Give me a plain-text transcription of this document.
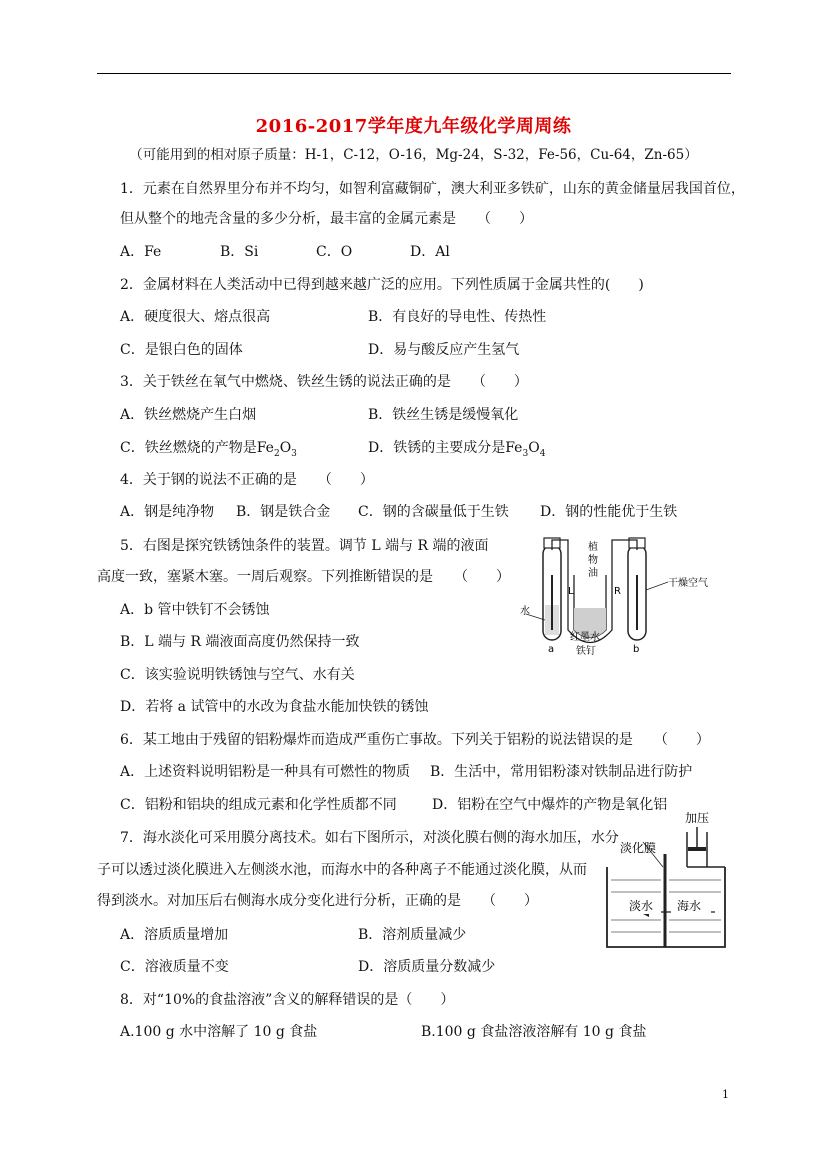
2016-2017学年度九年级化学周周练
（可能用到的相对原子质量：H-1，C-12，O-16，Mg-24，S-32，Fe-56，Cu-64，Zn-65）
1．元素在自然界里分布并不均匀，如智利富藏铜矿，澳大利亚多铁矿，山东的黄金储量居我国首位，
但从整个的地壳含量的多少分析，最丰富的金属元素是　　（　　）
A．Fe	B．Si	C．O	D．Al
2．金属材料在人类活动中已得到越来越广泛的应用。下列性质属于金属共性的(　　)
A．硬度很大、熔点很高	B．有良好的导电性、传热性
C．是银白色的固体	D．易与酸反应产生氢气
3．关于铁丝在氧气中燃烧、铁丝生锈的说法正确的是　　（　　）
A．铁丝燃烧产生白烟	B．铁丝生锈是缓慢氧化
C．铁丝燃烧的产物是$Fe_2O_3$	D．铁锈的主要成分是$Fe_3O_4$
4．关于钢的说法不正确的是　　（　　）
A．钢是纯净物 B．钢是铁合金 C．钢的含碳量低于生铁 D．钢的性能优于生铁
5．右图是探究铁锈蚀条件的装置。调节 L 端与 R 端的液面
高度一致，塞紧木塞。一周后观察。下列推断错误的是　　（　　）
A．b 管中铁钉不会锈蚀
B．L 端与 R 端液面高度仍然保持一致
C．该实验说明铁锈蚀与空气、水有关
D．若将 a 试管中的水改为食盐水能加快铁的锈蚀
植
物
油
L	R
干燥空气
水
红墨水
铁钉
a	b
6．某工地由于残留的铝粉爆炸而造成严重伤亡事故。下列关于铝粉的说法错误的是　　（　　）
A．上述资料说明铝粉是一种具有可燃性的物质 B．生活中，常用铝粉漆对铁制品进行防护
C．铝粉和铝块的组成元素和化学性质都不同	D．铝粉在空气中爆炸的产物是氧化铝
7．海水淡化可采用膜分离技术。如右下图所示，对淡化膜右侧的海水加压，水分
子可以透过淡化膜进入左侧淡水池，而海水中的各种离子不能通过淡化膜，从而
得到淡水。对加压后右侧海水成分变化进行分析，正确的是　　（　　）
A．溶质质量增加	B．溶剂质量减少
C．溶液质量不变	D．溶质质量分数减少
加压
淡化膜
淡水 海水
8．对“10%的食盐溶液”含义的解释错误的是（　　）
A.100 g 水中溶解了 10 g 食盐	B.100 g 食盐溶液溶解有 10 g 食盐
1
